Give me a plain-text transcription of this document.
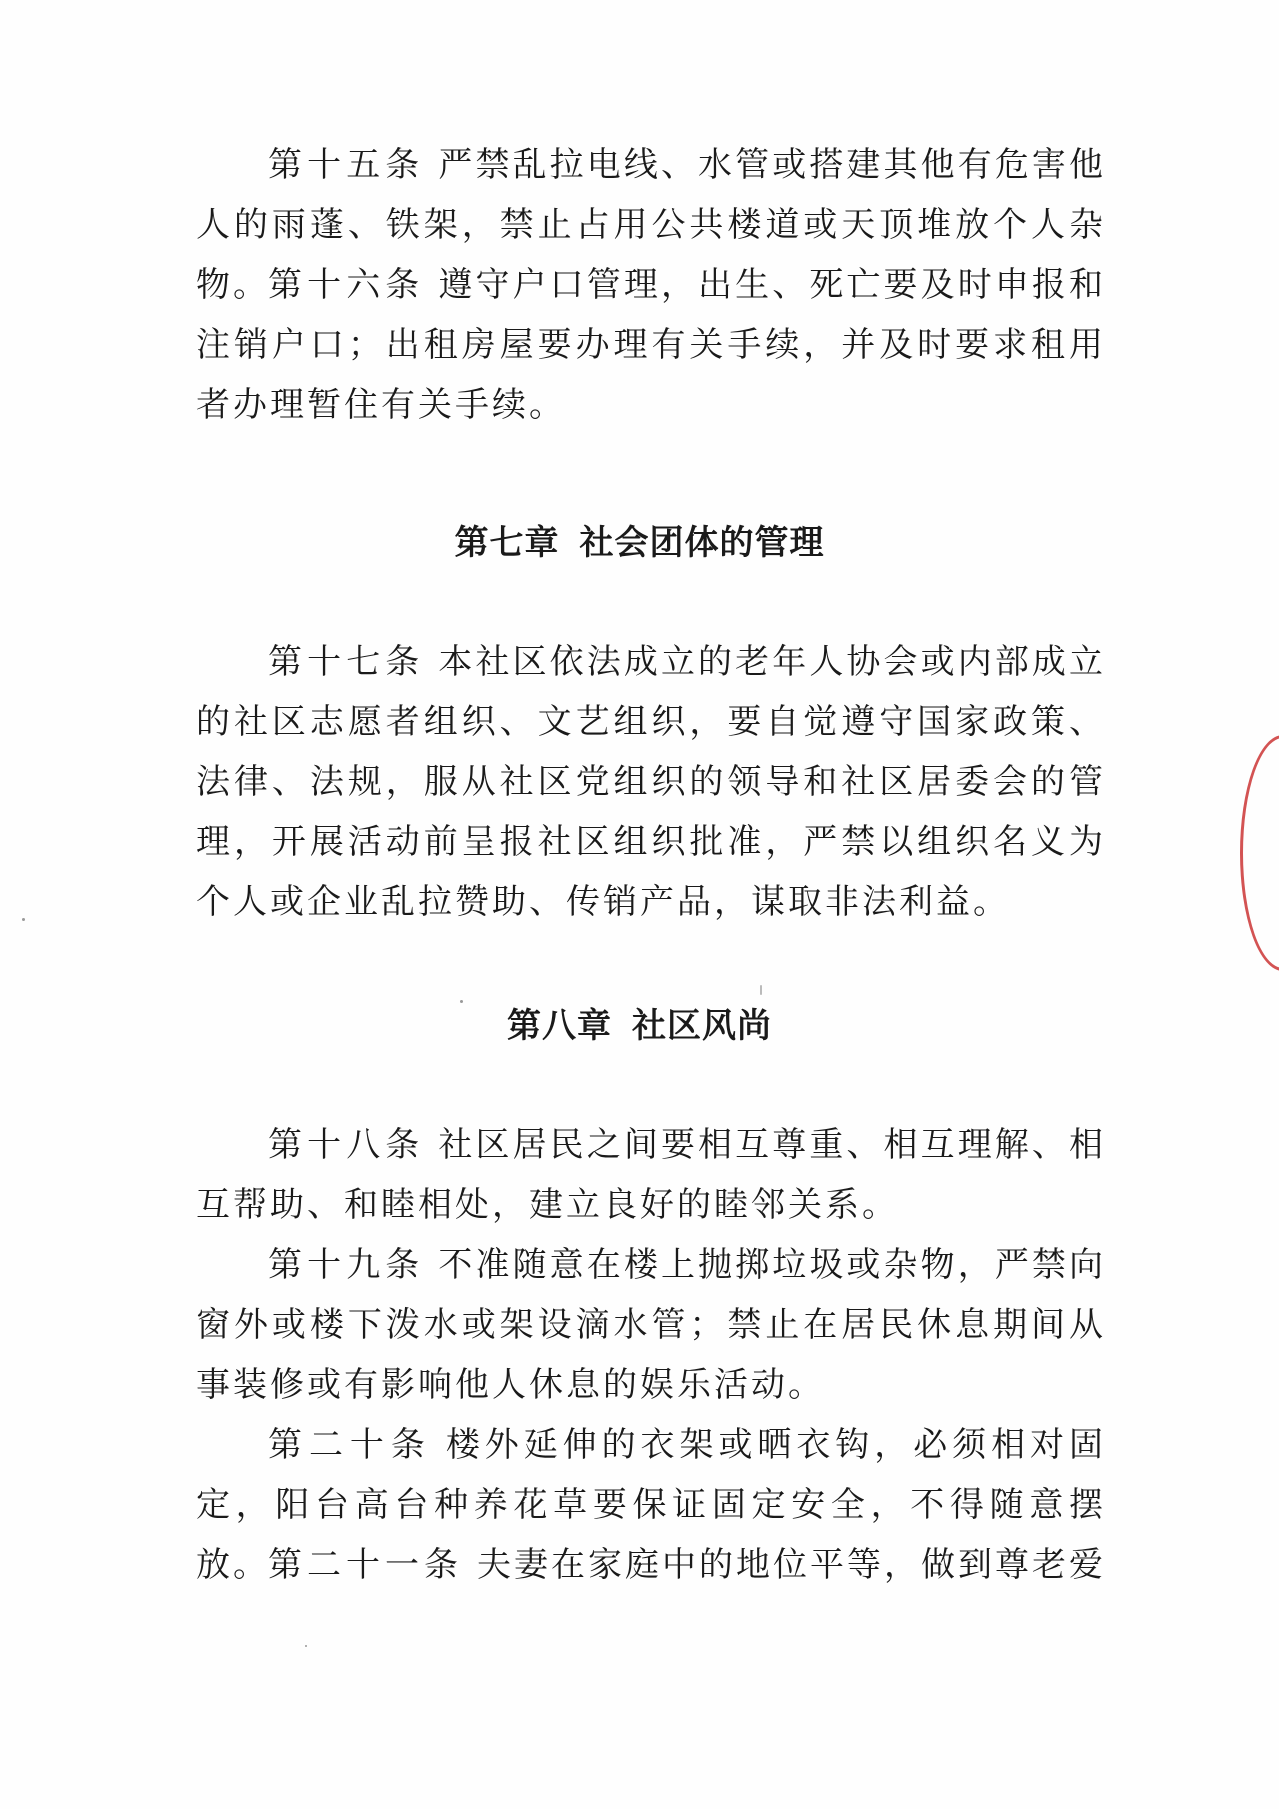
第十五条 严禁乱拉电线、水管或搭建其他有危害他人的雨蓬、铁架，禁止占用公共楼道或天顶堆放个人杂物。

第十六条 遵守户口管理，出生、死亡要及时申报和注销户口；出租房屋要办理有关手续，并及时要求租用者办理暂住有关手续。

第七章 社会团体的管理

第十七条 本社区依法成立的老年人协会或内部成立的社区志愿者组织、文艺组织，要自觉遵守国家政策、法律、法规，服从社区党组织的领导和社区居委会的管理，开展活动前呈报社区组织批准，严禁以组织名义为个人或企业乱拉赞助、传销产品，谋取非法利益。

第八章 社区风尚

第十八条 社区居民之间要相互尊重、相互理解、相互帮助、和睦相处，建立良好的睦邻关系。

第十九条 不准随意在楼上抛掷垃圾或杂物，严禁向窗外或楼下泼水或架设滴水管；禁止在居民休息期间从事装修或有影响他人休息的娱乐活动。

第二十条 楼外延伸的衣架或晒衣钩，必须相对固定，阳台高台种养花草要保证固定安全，不得随意摆放。

第二十一条 夫妻在家庭中的地位平等，做到尊老爱
